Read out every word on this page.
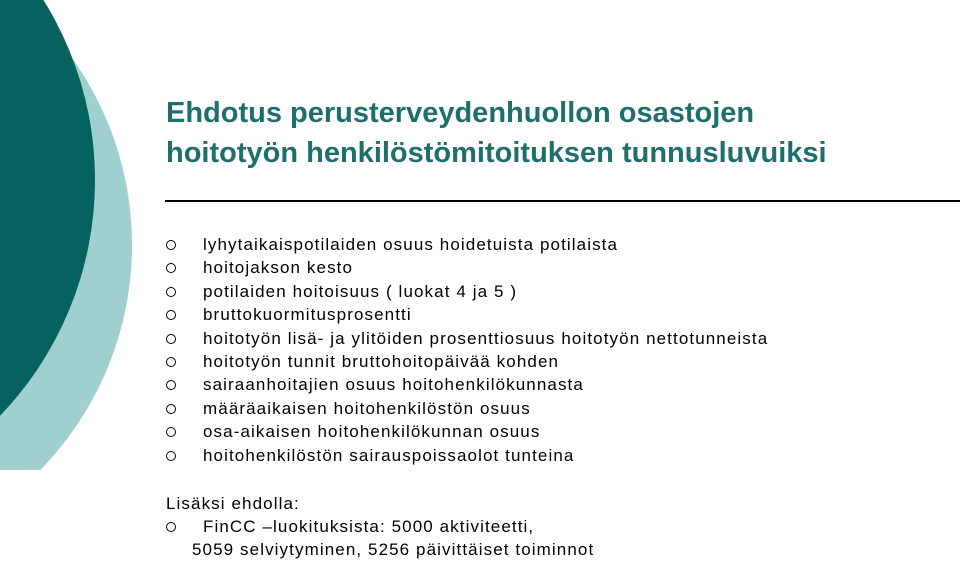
Ehdotus perusterveydenhuollon osastojen
hoitotyön henkilöstömitoituksen tunnusluvuiksi
lyhytaikaispotilaiden osuus hoidetuista potilaista
hoitojakson kesto
potilaiden hoitoisuus ( luokat 4 ja 5 )
bruttokuormitusprosentti
hoitotyön lisä- ja ylitöiden prosenttiosuus hoitotyön nettotunneista
hoitotyön tunnit bruttohoitopäivää kohden
sairaanhoitajien osuus hoitohenkilökunnasta
määräaikaisen hoitohenkilöstön osuus
osa-aikaisen hoitohenkilökunnan osuus
hoitohenkilöstön sairauspoissaolot tunteina
Lisäksi ehdolla:
FinCC –luokituksista: 5000 aktiviteetti,
5059 selviytyminen, 5256 päivittäiset toiminnot
